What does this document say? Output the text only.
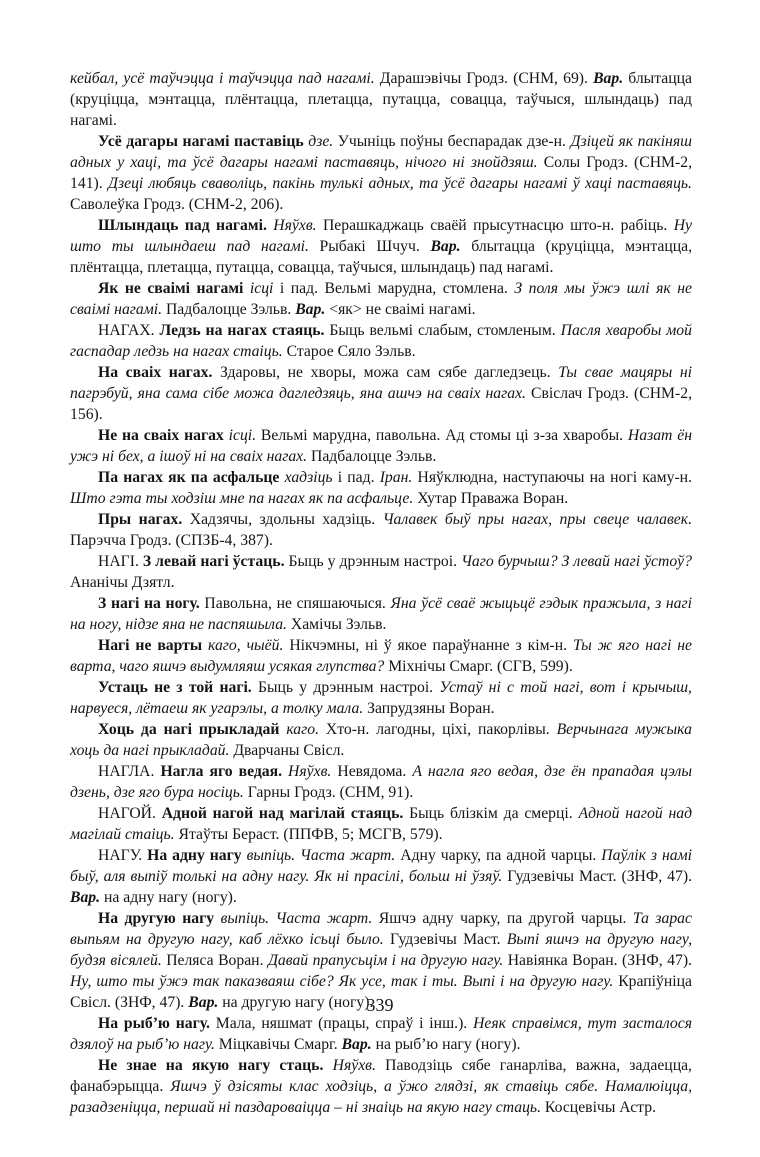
кейбал, усё таўчэцца і таўчэцца пад нагамі. Дарашэвічы Гродз. (СНМ, 69). Вар. блытацца (круціцца, мэнтацца, плёнтацца, плетацца, путацца, совацца, таўчыся, шлындаць) пад нагамі.

Усё дагары нагамі паставіць дзе. Учыніць поўны беспарадак дзе-н. Дзіцей як пакіняш адных у хаці, та ўсё дагары нагамі паставяць, нічого ні знойдзяш. Солы Гродз. (СНМ-2, 141). Дзеці любяць сваволіць, пакінь тулькі адных, та ўсё дагары нагамі ў хаці паставяць. Саволеўка Гродз. (СНМ-2, 206).

Шлындаць пад нагамі. Няўхв. Перашкаджаць сваёй прысутнасцю што-н. рабіць. Ну што ты шлындаеш пад нагамі. Рыбакі Шчуч. Вар. блытацца (круціцца, мэнтацца, плёнтацца, плетацца, путацца, совацца, таўчыся, шлындаць) пад нагамі.

Як не сваімі нагамі ісці і пад. Вельмі марудна, стомлена. З поля мы ўжэ шлі як не сваімі нагамі. Падбалоцце Зэльв. Вар. <як> не сваімі нагамі.

НАГАХ. Ледзь на нагах стаяць. Быць вельмі слабым, стомленым. Пасля хваробы мой гаспадар ледзь на нагах стаіць. Старое Сяло Зэльв.

На сваіх нагах. Здаровы, не хворы, можа сам сябе дагледзець. Ты свае мацяры ні пагрэбуй, яна сама сібе можа дагледзяць, яна ашчэ на сваіх нагах. Свіслач Гродз. (СНМ-2, 156).

Не на сваіх нагах ісці. Вельмі марудна, павольна. Ад стомы ці з-за хваробы. Назат ён ужэ ні бех, а ішоў ні на сваіх нагах. Падбалоцце Зэльв.

Па нагах як па асфальце хадзіць і пад. Іран. Няўклюдна, наступаючы на ногі каму-н. Што гэта ты ходзіш мне па нагах як па асфальце. Хутар Праважа Воран.

Пры нагах. Хадзячы, здольны хадзіць. Чалавек быў пры нагах, пры свеце чалавек. Парэчча Гродз. (СПЗБ-4, 387).

НАГІ. З левай нагі ўстаць. Быць у дрэнным настроі. Чаго бурчыш? З левай нагі ўстоў? Ананічы Дзятл.

З нагі на ногу. Павольна, не спяшаючыся. Яна ўсё сваё жыцьцё гэдык пражыла, з нагі на ногу, нідзе яна не паспяшыла. Хамічы Зэльв.

Нагі не варты каго, чыёй. Нікчэмны, ні ў якое параўнанне з кім-н. Ты ж яго нагі не варта, чаго яшчэ выдумляяш усякая глупства? Міхнічы Смарг. (СГВ, 599).

Устаць не з той нагі. Быць у дрэнным настроі. Устаў ні с той нагі, вот і крычыш, нарвуеся, лётаеш як угарэлы, а толку мала. Запрудзяны Воран.

Хоць да нагі прыкладай каго. Хто-н. лагодны, ціхі, пакорлівы. Верчынага мужыка хоць да нагі прыкладай. Дварчаны Свісл.

НАГЛА. Нагла яго ведая. Няўхв. Невядома. А нагла яго ведая, дзе ён прападая цэлы дзень, дзе яго бура носіць. Гарны Гродз. (СНМ, 91).

НАГОЙ. Адной нагой над магілай стаяць. Быць блізкім да смерці. Адной нагой над магілай стаіць. Ятаўты Бераст. (ППФВ, 5; МСГВ, 579).

НАГУ. На адну нагу выпіць. Часта жарт. Адну чарку, па адной чарцы. Паўлік з намі быў, аля выпіў толькі на адну нагу. Як ні прасілі, больш ні ўзяў. Гудзевічы Маст. (ЗНФ, 47). Вар. на адну нагу (ногу).

На другую нагу выпіць. Часта жарт. Яшчэ адну чарку, па другой чарцы. Та зарас выпьям на другую нагу, каб лёхко ісьці было. Гудзевічы Маст. Выпі яшчэ на другую нагу, будзя вісялей. Пеляса Воран. Давай прапусьцім і на другую нагу. Навіянка Воран. (ЗНФ, 47). Ну, што ты ўжэ так паказваяш сібе? Як усе, так і ты. Выпі і на другую нагу. Крапіўніца Свісл. (ЗНФ, 47). Вар. на другую нагу (ногу).

На рыб’ю нагу. Мала, няшмат (працы, спраў і інш.). Неяк справімся, тут засталося дзялоў на рыб’ю нагу. Міцкавічы Смарг. Вар. на рыб’ю нагу (ногу).

Не знае на якую нагу стаць. Няўхв. Паводзіць сябе ганарліва, важна, задаецца, фанабэрыцца. Яшчэ ў дзісяты клас ходзіць, а ўжо глядзі, як ставіць сябе. Намалюіцца, разадзеніцца, першай ні паздароваіцца – ні знаіць на якую нагу стаць. Косцевічы Астр.

339
